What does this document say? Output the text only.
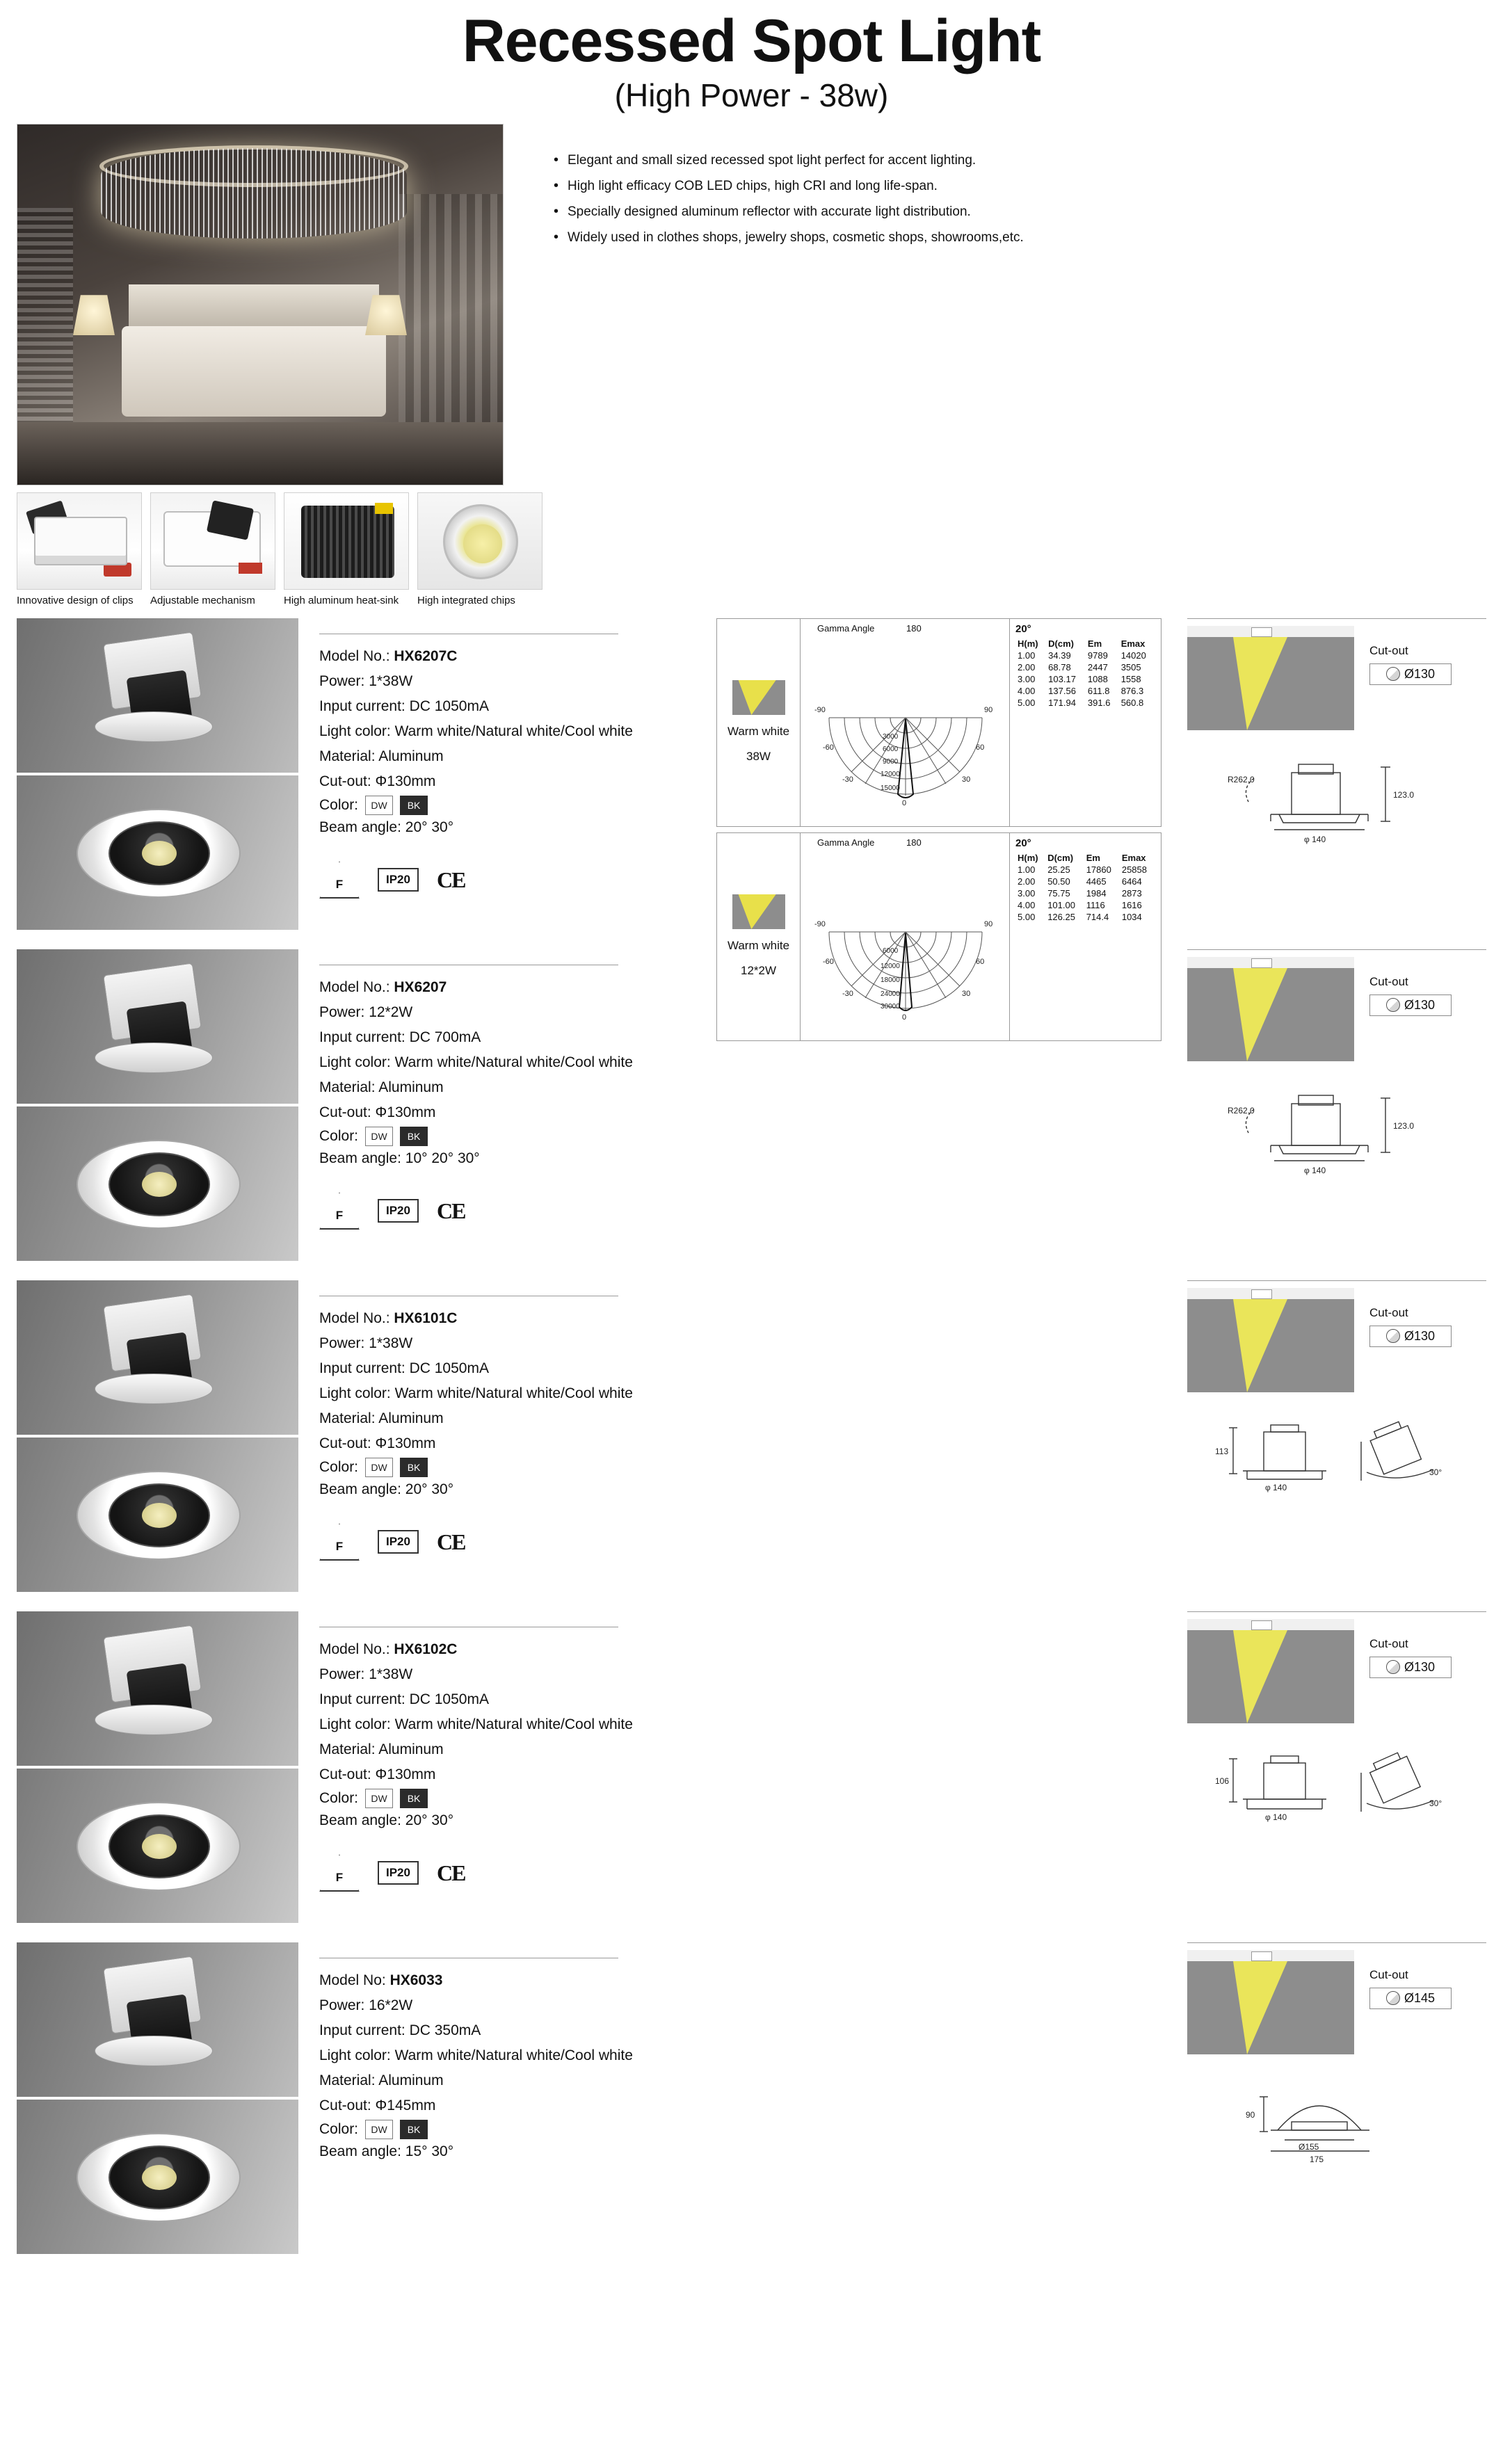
Recessed Spot Light
(High Power - 38w)
• Elegant and small sized recessed spot light perfect for accent lighting.
• High light efficacy COB LED chips, high CRI and long life-span.
• Specially designed aluminum reflector with accurate light distribution.
• Widely used in clothes shops, jewelry shops, cosmetic shops, showrooms,etc.
Innovative design of clips	Adjustable mechanism	High aluminum heat-sink	High integrated chips
Model No.: HX6207C
Power: 1*38W
Input current: DC 1050mA
Light color: Warm white/Natural white/Cool white
Material: Aluminum
Cut-out: Φ130mm
Color:	DW	BK
Beam angle: 20° 30°
F	IP20	CE
Warm white
38W
Gamma Angle	180
3000
6000
9000
12000
15000
-90
-60
-30
90
60
30
0
20°
H(m)	D(cm)	Em	Emax
1.00	34.39	9789	14020
2.00	68.78	2447	3505
3.00	103.17	1088	1558
4.00	137.56	611.8	876.3
5.00	171.94	391.6	560.8
Warm white
12*2W
Gamma Angle	180
6000
12000
18000
24000
30000
-90
-60
-30
90
60
30
0
20°
H(m)	D(cm)	Em	Emax
1.00	25.25	17860	25858
2.00	50.50	4465	6464
3.00	75.75	1984	2873
4.00	101.00	1116	1616
5.00	126.25	714.4	1034
Cut-out
Ø130
R262.0
123.0
φ 140
Model No.: HX6207
Power: 12*2W
Input current: DC 700mA
Light color: Warm white/Natural white/Cool white
Material: Aluminum
Cut-out: Φ130mm
Color:	DW	BK
Beam angle: 10° 20° 30°
F	IP20	CE
Cut-out
Ø130
R262.0
123.0
φ 140
Model No.: HX6101C
Power: 1*38W
Input current: DC 1050mA
Light color: Warm white/Natural white/Cool white
Material: Aluminum
Cut-out: Φ130mm
Color:	DW	BK
Beam angle: 20° 30°
F	IP20	CE
Cut-out
Ø130
113
φ 140
30°
Model No.: HX6102C
Power: 1*38W
Input current: DC 1050mA
Light color: Warm white/Natural white/Cool white
Material: Aluminum
Cut-out: Φ130mm
Color:	DW	BK
Beam angle: 20° 30°
F	IP20	CE
Cut-out
Ø130
106
φ 140
30°
Model No: HX6033
Power: 16*2W
Input current: DC 350mA
Light color: Warm white/Natural white/Cool white
Material: Aluminum
Cut-out: Φ145mm
Color:	DW	BK
Beam angle: 15° 30°
Cut-out
Ø145
90
Ø155
175
